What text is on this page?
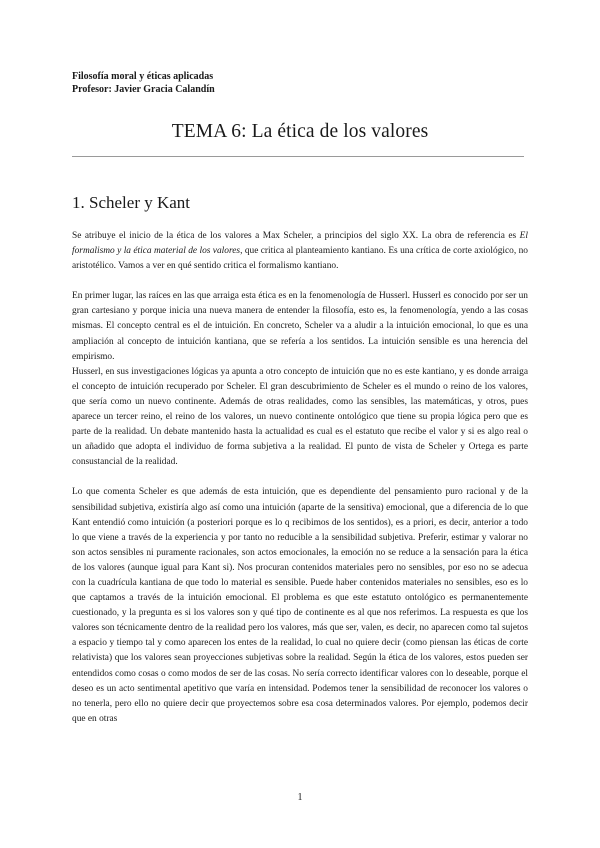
Filosofía moral y éticas aplicadas

Profesor: Javier Gracia Calandín

TEMA 6: La ética de los valores
1. Scheler y Kant

Se atribuye el inicio de la ética de los valores a Max Scheler, a principios del siglo XX. La obra de referencia es El formalismo y la ética material de los valores, que critica al planteamiento kantiano. Es una crítica de corte axiológico, no aristotélico. Vamos a ver en qué sentido critica el formalismo kantiano.

En primer lugar, las raíces en las que arraiga esta ética es en la fenomenología de Husserl. Husserl es conocido por ser un gran cartesiano y porque inicia una nueva manera de entender la filosofía, esto es, la fenomenología, yendo a las cosas mismas. El concepto central es el de intuición. En concreto, Scheler va a aludir a la intuición emocional, lo que es una ampliación al concepto de intuición kantiana, que se refería a los sentidos. La intuición sensible es una herencia del empirismo.

Husserl, en sus investigaciones lógicas ya apunta a otro concepto de intuición que no es este kantiano, y es donde arraiga el concepto de intuición recuperado por Scheler. El gran descubrimiento de Scheler es el mundo o reino de los valores, que sería como un nuevo continente. Además de otras realidades, como las sensibles, las matemáticas, y otros, pues aparece un tercer reino, el reino de los valores, un nuevo continente ontológico que tiene su propia lógica pero que es parte de la realidad. Un debate mantenido hasta la actualidad es cual es el estatuto que recibe el valor y si es algo real o un añadido que adopta el individuo de forma subjetiva a la realidad. El punto de vista de Scheler y Ortega es parte consustancial de la realidad.

Lo que comenta Scheler es que además de esta intuición, que es dependiente del pensamiento puro racional y de la sensibilidad subjetiva, existiría algo así como una intuición (aparte de la sensitiva) emocional, que a diferencia de lo que Kant entendió como intuición (a posteriori porque es lo q recibimos de los sentidos), es a priori, es decir, anterior a todo lo que viene a través de la experiencia y por tanto no reducible a la sensibilidad subjetiva. Preferir, estimar y valorar no son actos sensibles ni puramente racionales, son actos emocionales, la emoción no se reduce a la sensación para la ética de los valores (aunque igual para Kant si). Nos procuran contenidos materiales pero no sensibles, por eso no se adecua con la cuadrícula kantiana de que todo lo material es sensible. Puede haber contenidos materiales no sensibles, eso es lo que captamos a través de la intuición emocional. El problema es que este estatuto ontológico es permanentemente cuestionado, y la pregunta es si los valores son y qué tipo de continente es al que nos referimos. La respuesta es que los valores son técnicamente dentro de la realidad pero los valores, más que ser, valen, es decir, no aparecen como tal sujetos a espacio y tiempo tal y como aparecen los entes de la realidad, lo cual no quiere decir (como piensan las éticas de corte relativista) que los valores sean proyecciones subjetivas sobre la realidad. Según la ética de los valores, estos pueden ser entendidos como cosas o como modos de ser de las cosas. No sería correcto identificar valores con lo deseable, porque el deseo es un acto sentimental apetitivo que varía en intensidad. Podemos tener la sensibilidad de reconocer los valores o no tenerla, pero ello no quiere decir que proyectemos sobre esa cosa determinados valores. Por ejemplo, podemos decir que en otras

1
